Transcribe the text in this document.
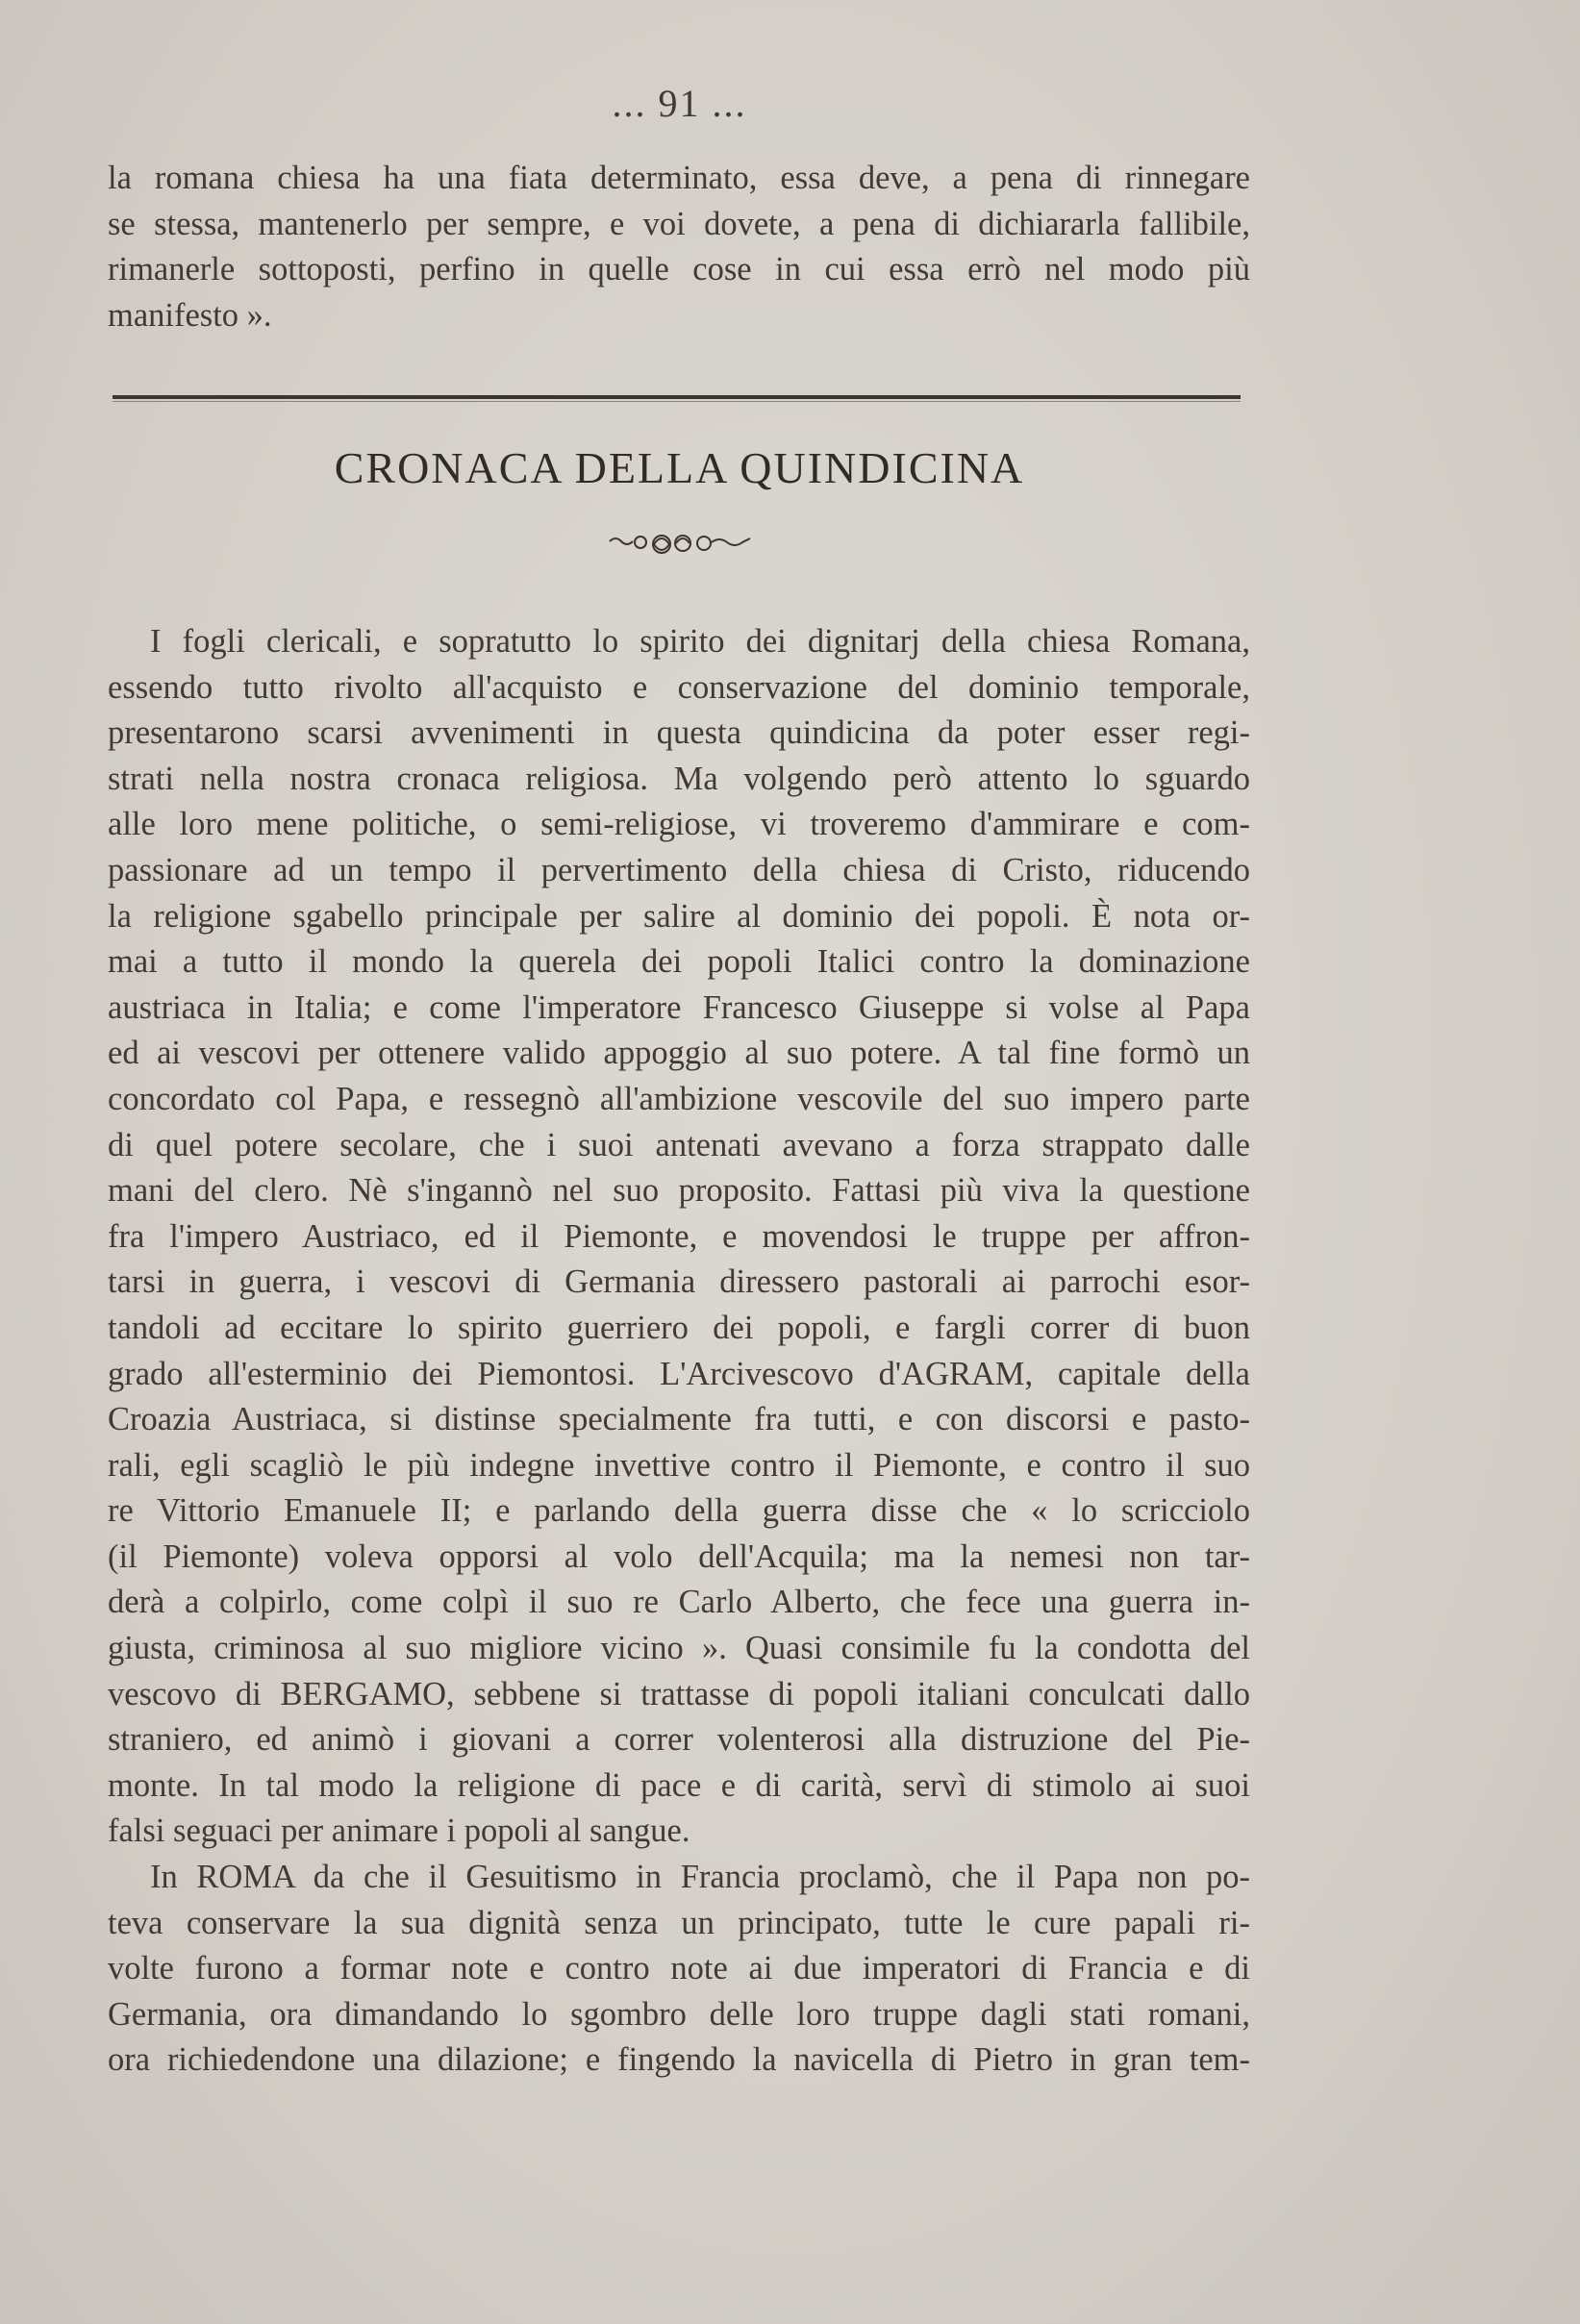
... 91 ...
la romana chiesa ha una fiata determinato, essa deve, a pena di rinnegare
se stessa, mantenerlo per sempre, e voi dovete, a pena di dichiararla fallibile,
rimanerle sottoposti, perfino in quelle cose in cui essa errò nel modo più
manifesto ».
CRONACA DELLA QUINDICINA
I fogli clericali, e sopratutto lo spirito dei dignitarj della chiesa Romana,
essendo tutto rivolto all'acquisto e conservazione del dominio temporale,
presentarono scarsi avvenimenti in questa quindicina da poter esser regi-
strati nella nostra cronaca religiosa. Ma volgendo però attento lo sguardo
alle loro mene politiche, o semi-religiose, vi troveremo d'ammirare e com-
passionare ad un tempo il pervertimento della chiesa di Cristo, riducendo
la religione sgabello principale per salire al dominio dei popoli. È nota or-
mai a tutto il mondo la querela dei popoli Italici contro la dominazione
austriaca in Italia; e come l'imperatore Francesco Giuseppe si volse al Papa
ed ai vescovi per ottenere valido appoggio al suo potere. A tal fine formò un
concordato col Papa, e ressegnò all'ambizione vescovile del suo impero parte
di quel potere secolare, che i suoi antenati avevano a forza strappato dalle
mani del clero. Nè s'ingannò nel suo proposito. Fattasi più viva la questione
fra l'impero Austriaco, ed il Piemonte, e movendosi le truppe per affron-
tarsi in guerra, i vescovi di Germania diressero pastorali ai parrochi esor-
tandoli ad eccitare lo spirito guerriero dei popoli, e fargli correr di buon
grado all'esterminio dei Piemontosi. L'Arcivescovo d'AGRAM, capitale della
Croazia Austriaca, si distinse specialmente fra tutti, e con discorsi e pasto-
rali, egli scagliò le più indegne invettive contro il Piemonte, e contro il suo
re Vittorio Emanuele II; e parlando della guerra disse che « lo scricciolo
(il Piemonte) voleva opporsi al volo dell'Acquila; ma la nemesi non tar-
derà a colpirlo, come colpì il suo re Carlo Alberto, che fece una guerra in-
giusta, criminosa al suo migliore vicino ». Quasi consimile fu la condotta del
vescovo di BERGAMO, sebbene si trattasse di popoli italiani conculcati dallo
straniero, ed animò i giovani a correr volenterosi alla distruzione del Pie-
monte. In tal modo la religione di pace e di carità, servì di stimolo ai suoi
falsi seguaci per animare i popoli al sangue.
In ROMA da che il Gesuitismo in Francia proclamò, che il Papa non po-
teva conservare la sua dignità senza un principato, tutte le cure papali ri-
volte furono a formar note e contro note ai due imperatori di Francia e di
Germania, ora dimandando lo sgombro delle loro truppe dagli stati romani,
ora richiedendone una dilazione; e fingendo la navicella di Pietro in gran tem-
